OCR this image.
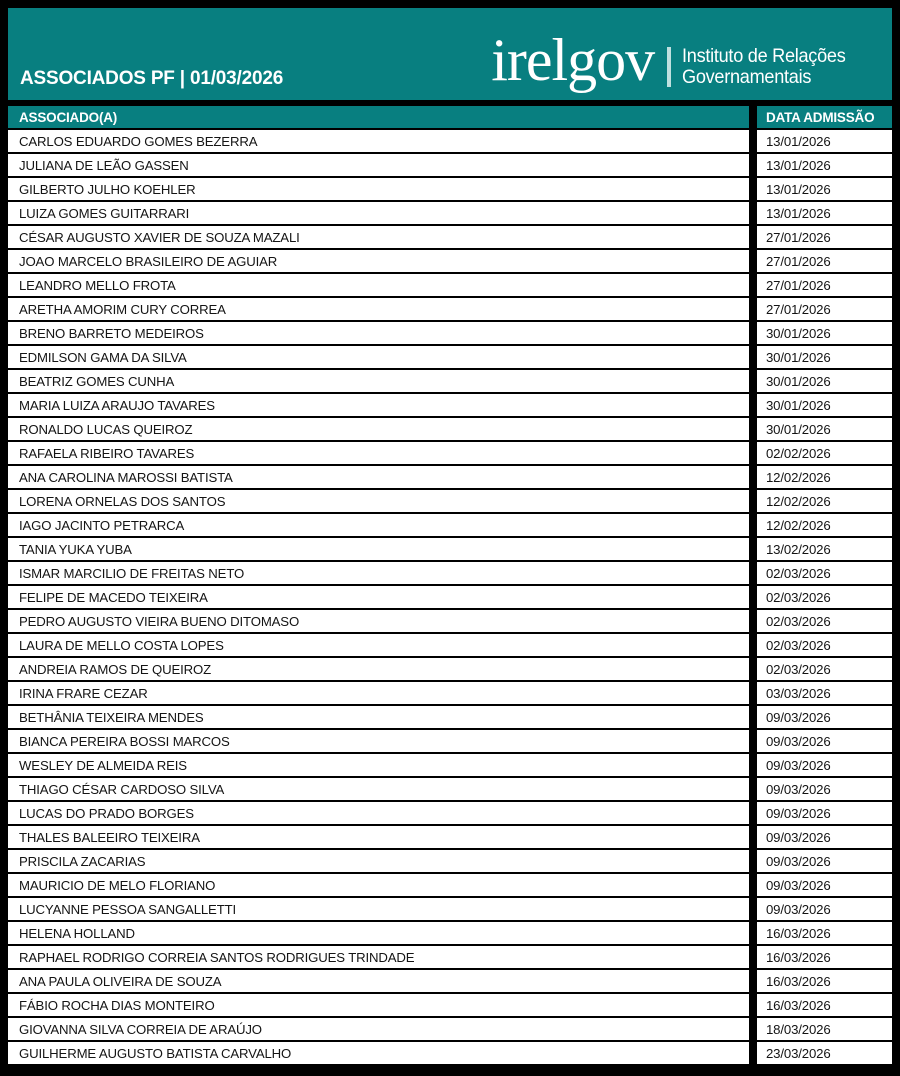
ASSOCIADOS PF | 01/03/2026	irelgov Instituto de Relações
Governamentais
ASSOCIADO(A)	DATA ADMISSÃO
CARLOS EDUARDO GOMES BEZERRA	13/01/2026
JULIANA DE LEÃO GASSEN	13/01/2026
GILBERTO JULHO KOEHLER	13/01/2026
LUIZA GOMES GUITARRARI	13/01/2026
CÉSAR AUGUSTO XAVIER DE SOUZA MAZALI	27/01/2026
JOAO MARCELO BRASILEIRO DE AGUIAR	27/01/2026
LEANDRO MELLO FROTA	27/01/2026
ARETHA AMORIM CURY CORREA	27/01/2026
BRENO BARRETO MEDEIROS	30/01/2026
EDMILSON GAMA DA SILVA	30/01/2026
BEATRIZ GOMES CUNHA	30/01/2026
MARIA LUIZA ARAUJO TAVARES	30/01/2026
RONALDO LUCAS QUEIROZ	30/01/2026
RAFAELA RIBEIRO TAVARES	02/02/2026
ANA CAROLINA MAROSSI BATISTA	12/02/2026
LORENA ORNELAS DOS SANTOS	12/02/2026
IAGO JACINTO PETRARCA	12/02/2026
TANIA YUKA YUBA	13/02/2026
ISMAR MARCILIO DE FREITAS NETO	02/03/2026
FELIPE DE MACEDO TEIXEIRA	02/03/2026
PEDRO AUGUSTO VIEIRA BUENO DITOMASO	02/03/2026
LAURA DE MELLO COSTA LOPES	02/03/2026
ANDREIA RAMOS DE QUEIROZ	02/03/2026
IRINA FRARE CEZAR	03/03/2026
BETHÂNIA TEIXEIRA MENDES	09/03/2026
BIANCA PEREIRA BOSSI MARCOS	09/03/2026
WESLEY DE ALMEIDA REIS	09/03/2026
THIAGO CÉSAR CARDOSO SILVA	09/03/2026
LUCAS DO PRADO BORGES	09/03/2026
THALES BALEEIRO TEIXEIRA	09/03/2026
PRISCILA ZACARIAS	09/03/2026
MAURICIO DE MELO FLORIANO	09/03/2026
LUCYANNE PESSOA SANGALLETTI	09/03/2026
HELENA HOLLAND	16/03/2026
RAPHAEL RODRIGO CORREIA SANTOS RODRIGUES TRINDADE	16/03/2026
ANA PAULA OLIVEIRA DE SOUZA	16/03/2026
FÁBIO ROCHA DIAS MONTEIRO	16/03/2026
GIOVANNA SILVA CORREIA DE ARAÚJO	18/03/2026
GUILHERME AUGUSTO BATISTA CARVALHO	23/03/2026
